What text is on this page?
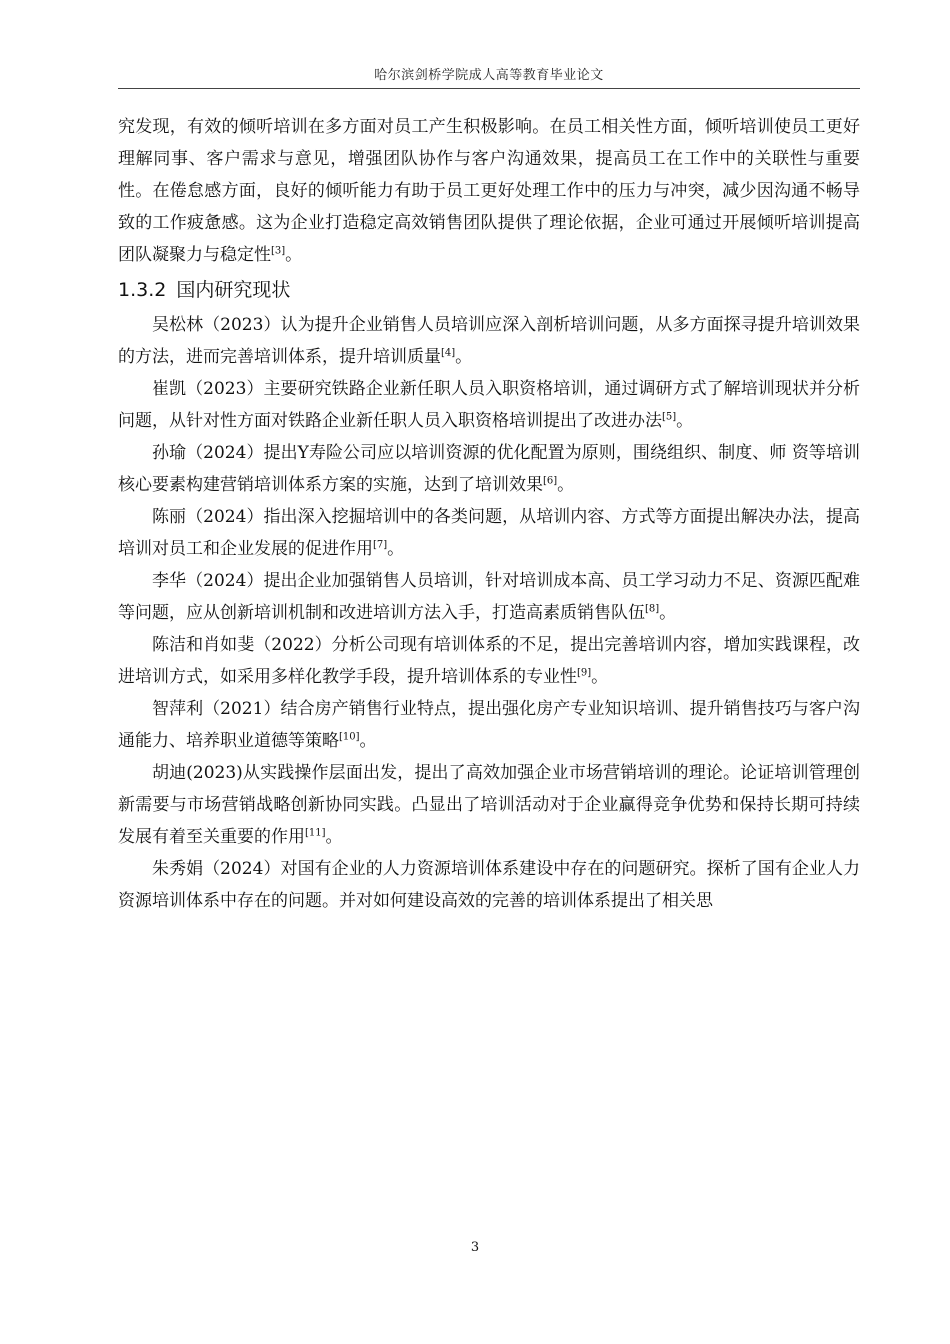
哈尔滨剑桥学院成人高等教育毕业论文

究发现，有效的倾听培训在多方面对员工产生积极影响。在员工相关性方面，倾听培训使员工更好理解同事、客户需求与意见，增强团队协作与客户沟通效果，提高员工在工作中的关联性与重要性。在倦怠感方面，良好的倾听能力有助于员工更好处理工作中的压力与冲突，减少因沟通不畅导致的工作疲惫感。这为企业打造稳定高效销售团队提供了理论依据，企业可通过开展倾听培训提高团队凝聚力与稳定性[3]。

1.3.2 国内研究现状

吴松林（2023）认为提升企业销售人员培训应深入剖析培训问题，从多方面探寻提升培训效果的方法，进而完善培训体系，提升培训质量[4]。

崔凯（2023）主要研究铁路企业新任职人员入职资格培训，通过调研方式了解培训现状并分析问题，从针对性方面对铁路企业新任职人员入职资格培训提出了改进办法[5]。

孙瑜（2024）提出Y寿险公司应以培训资源的优化配置为原则，围绕组织、制度、师 资等培训核心要素构建营销培训体系方案的实施，达到了培训效果[6]。

陈丽（2024）指出深入挖掘培训中的各类问题，从培训内容、方式等方面提出解决办法，提高培训对员工和企业发展的促进作用[7]。

李华（2024）提出企业加强销售人员培训，针对培训成本高、员工学习动力不足、资源匹配难等问题，应从创新培训机制和改进培训方法入手，打造高素质销售队伍[8]。

陈洁和肖如斐（2022）分析公司现有培训体系的不足，提出完善培训内容，增加实践课程，改进培训方式，如采用多样化教学手段，提升培训体系的专业性[9]。

智萍利（2021）结合房产销售行业特点，提出强化房产专业知识培训、提升销售技巧与客户沟通能力、培养职业道德等策略[10]。

胡迪(2023)从实践操作层面出发，提出了高效加强企业市场营销培训的理论。论证培训管理创新需要与市场营销战略创新协同实践。凸显出了培训活动对于企业赢得竞争优势和保持长期可持续发展有着至关重要的作用[11]。

朱秀娟（2024）对国有企业的人力资源培训体系建设中存在的问题研究。探析了国有企业人力资源培训体系中存在的问题。并对如何建设高效的完善的培训体系提出了相关思

3
